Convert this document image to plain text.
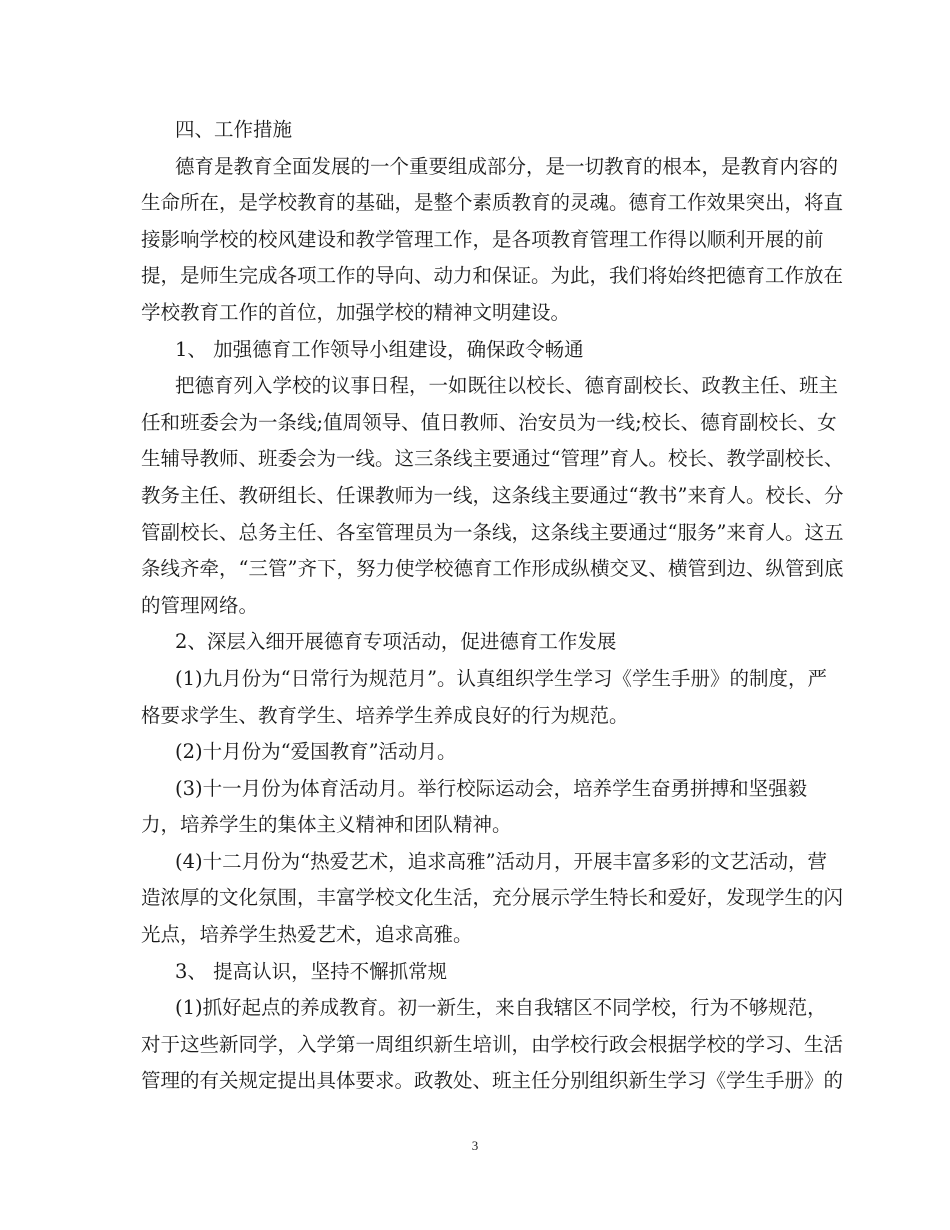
四、工作措施
德育是教育全面发展的一个重要组成部分，是一切教育的根本，是教育内容的
生命所在，是学校教育的基础，是整个素质教育的灵魂。德育工作效果突出，将直
接影响学校的校风建设和教学管理工作，是各项教育管理工作得以顺利开展的前
提，是师生完成各项工作的导向、动力和保证。为此，我们将始终把德育工作放在
学校教育工作的首位，加强学校的精神文明建设。
1、 加强德育工作领导小组建设，确保政令畅通
把德育列入学校的议事日程，一如既往以校长、德育副校长、政教主任、班主
任和班委会为一条线;值周领导、值日教师、治安员为一线;校长、德育副校长、女
生辅导教师、班委会为一线。这三条线主要通过“管理”育人。校长、教学副校长、
教务主任、教研组长、任课教师为一线，这条线主要通过“教书”来育人。校长、分
管副校长、总务主任、各室管理员为一条线，这条线主要通过“服务”来育人。这五
条线齐牵，“三管”齐下，努力使学校德育工作形成纵横交叉、横管到边、纵管到底
的管理网络。
2、深层入细开展德育专项活动，促进德育工作发展
(1)九月份为“日常行为规范月”。认真组织学生学习《学生手册》的制度，严
格要求学生、教育学生、培养学生养成良好的行为规范。
(2)十月份为“爱国教育”活动月。
(3)十一月份为体育活动月。举行校际运动会，培养学生奋勇拼搏和坚强毅
力，培养学生的集体主义精神和团队精神。
(4)十二月份为“热爱艺术，追求高雅”活动月，开展丰富多彩的文艺活动，营
造浓厚的文化氛围，丰富学校文化生活，充分展示学生特长和爱好，发现学生的闪
光点，培养学生热爱艺术，追求高雅。
3、 提高认识，坚持不懈抓常规
(1)抓好起点的养成教育。初一新生，来自我辖区不同学校，行为不够规范，
对于这些新同学，入学第一周组织新生培训，由学校行政会根据学校的学习、生活
管理的有关规定提出具体要求。政教处、班主任分别组织新生学习《学生手册》的
3
